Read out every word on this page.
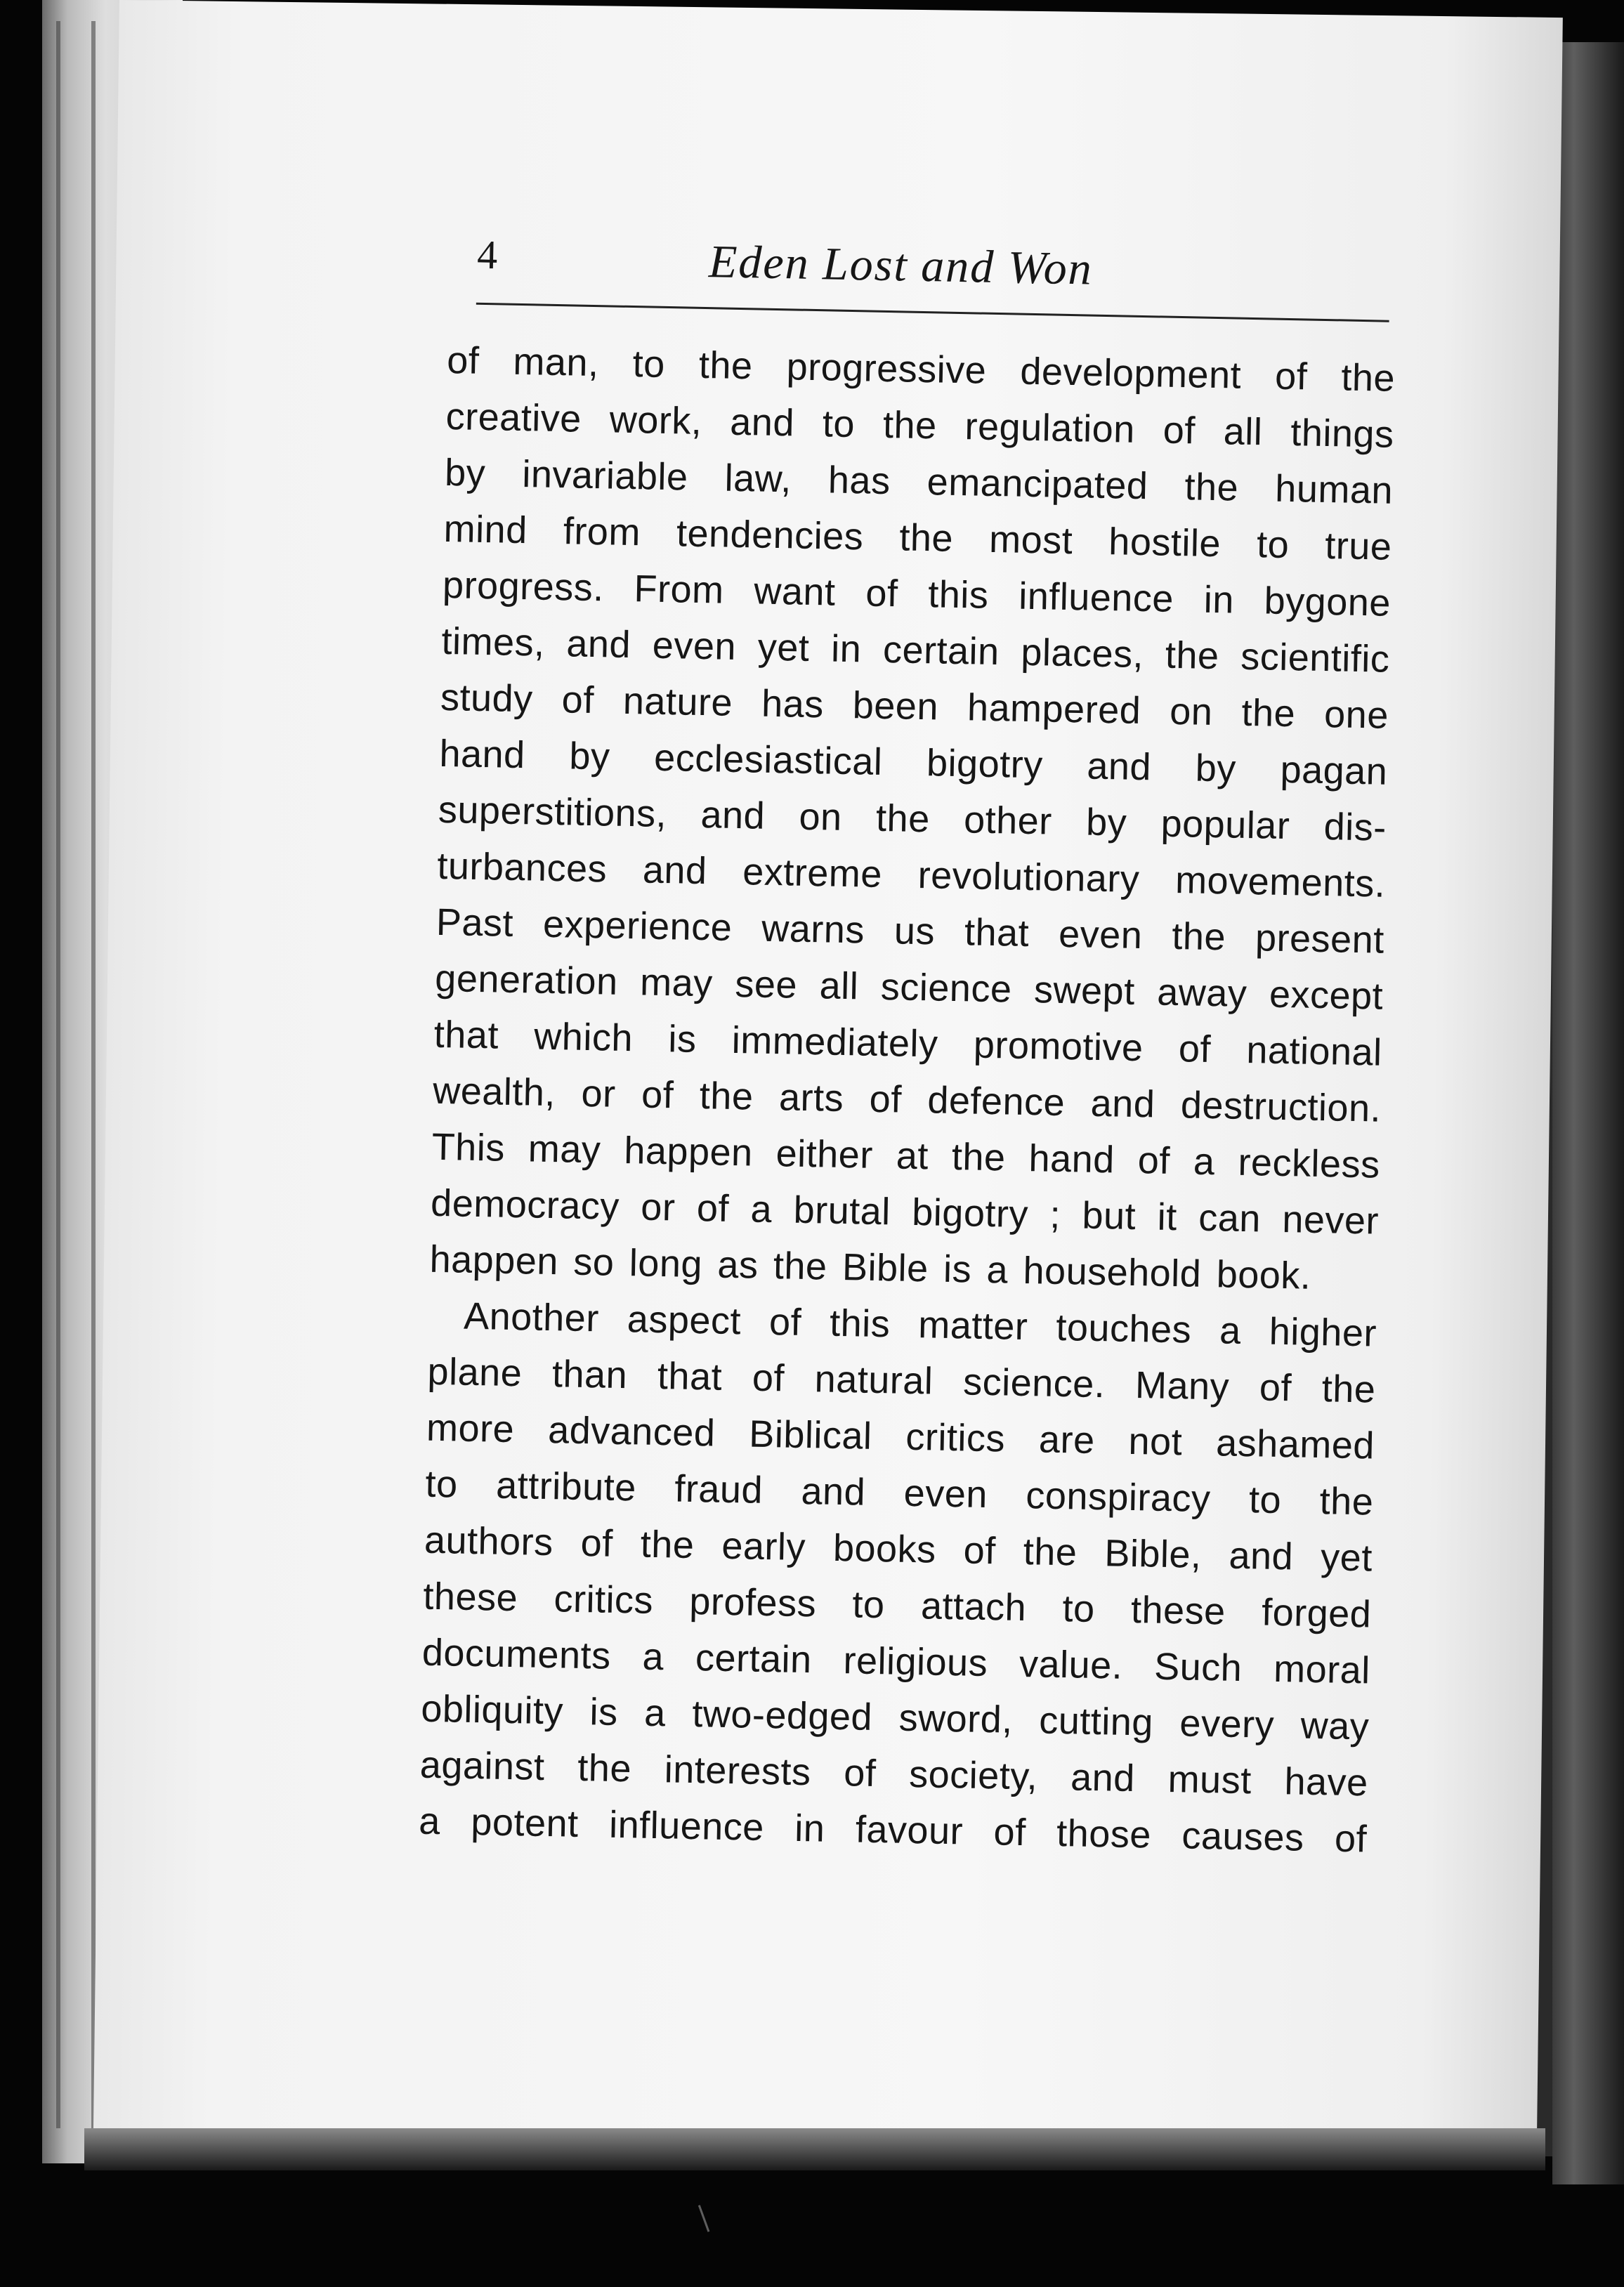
4	Eden Lost and Won
of man, to the progressive development of the
creative work, and to the regulation of all things
by invariable law, has emancipated the human
mind from tendencies the most hostile to true
progress. From want of this influence in bygone
times, and even yet in certain places, the scientific
study of nature has been hampered on the one
hand by ecclesiastical bigotry and by pagan
superstitions, and on the other by popular dis-
turbances and extreme revolutionary movements.
Past experience warns us that even the present
generation may see all science swept away except
that which is immediately promotive of national
wealth, or of the arts of defence and destruction.
This may happen either at the hand of a reckless
democracy or of a brutal bigotry ; but it can never
happen so long as the Bible is a household book.
Another aspect of this matter touches a higher
plane than that of natural science. Many of the
more advanced Biblical critics are not ashamed
to attribute fraud and even conspiracy to the
authors of the early books of the Bible, and yet
these critics profess to attach to these forged
documents a certain religious value. Such moral
obliquity is a two-edged sword, cutting every way
against the interests of society, and must have
a potent influence in favour of those causes of
